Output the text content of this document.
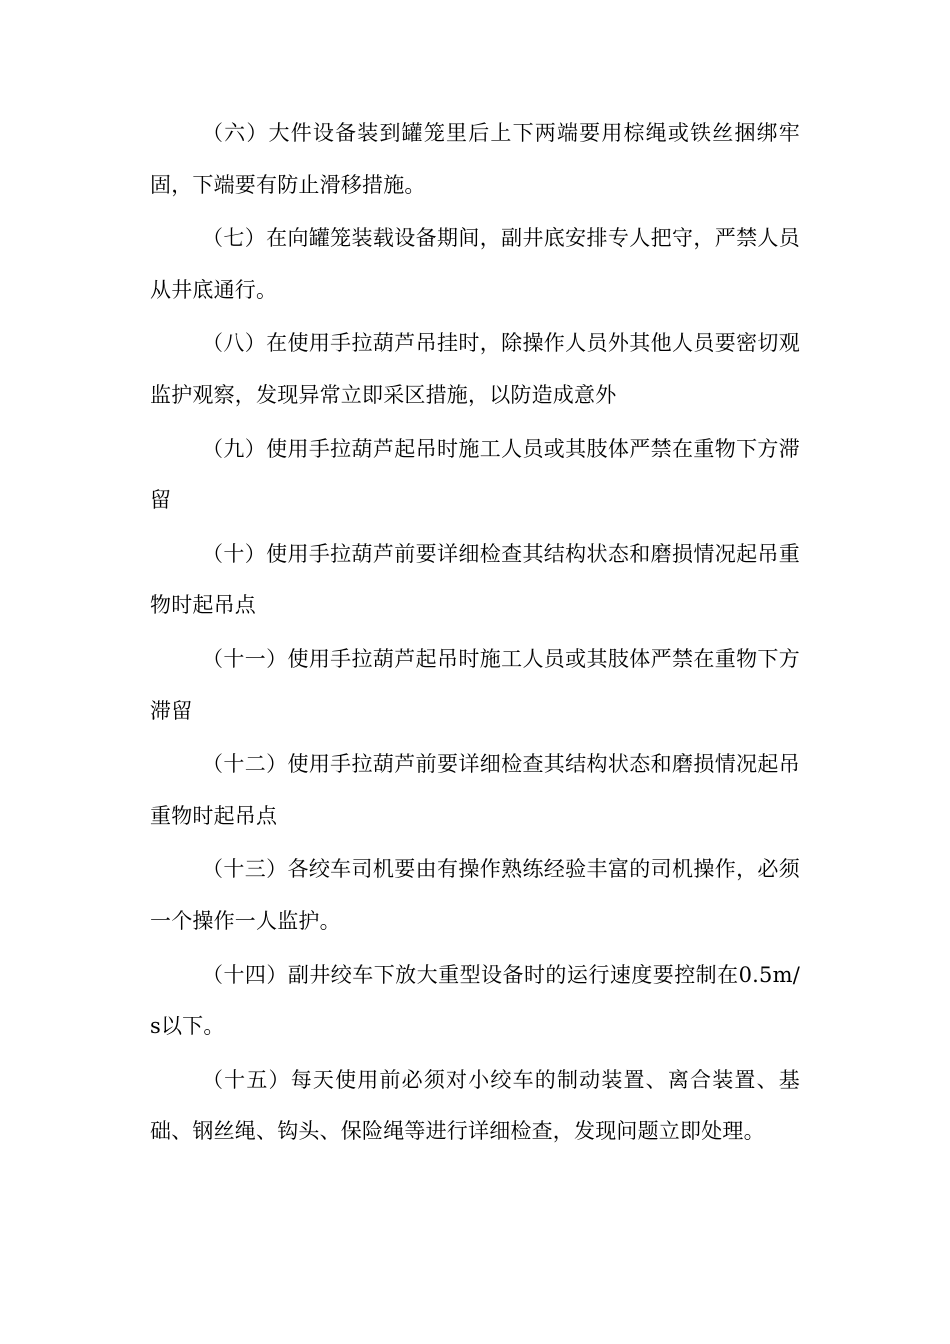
（六）大件设备装到罐笼里后上下两端要用棕绳或铁丝捆绑牢固，下端要有防止滑移措施。

（七）在向罐笼装载设备期间，副井底安排专人把守，严禁人员从井底通行。

（八）在使用手拉葫芦吊挂时，除操作人员外其他人员要密切观监护观察，发现异常立即采区措施，以防造成意外

（九）使用手拉葫芦起吊时施工人员或其肢体严禁在重物下方滞留

（十）使用手拉葫芦前要详细检查其结构状态和磨损情况起吊重物时起吊点

（十一）使用手拉葫芦起吊时施工人员或其肢体严禁在重物下方滞留

（十二）使用手拉葫芦前要详细检查其结构状态和磨损情况起吊重物时起吊点

（十三）各绞车司机要由有操作熟练经验丰富的司机操作，必须一个操作一人监护。

（十四）副井绞车下放大重型设备时的运行速度要控制在0.5m/s以下。

（十五）每天使用前必须对小绞车的制动装置、离合装置、基础、钢丝绳、钩头、保险绳等进行详细检查，发现问题立即处理。
